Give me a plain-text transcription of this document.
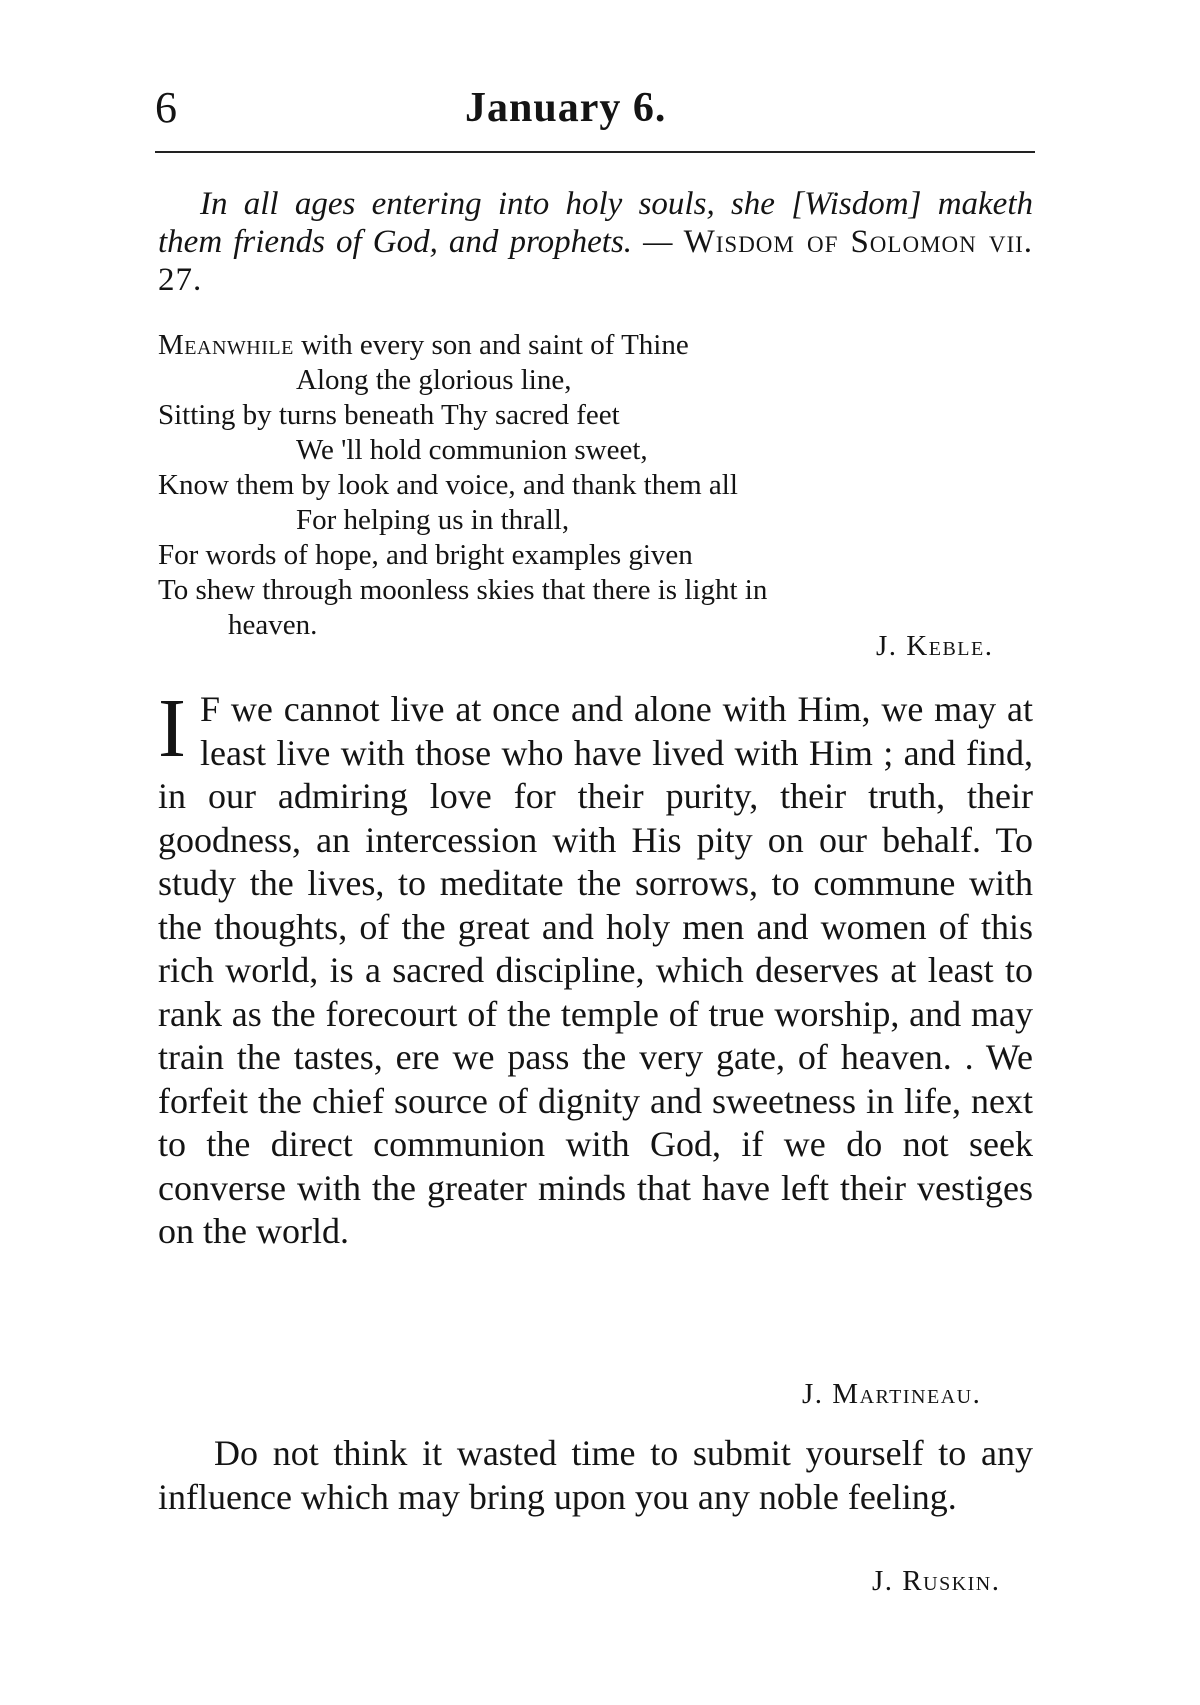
6	January 6.

In all ages entering into holy souls, she [Wisdom] maketh them friends of God, and prophets. — Wisdom of Solomon vii. 27.

Meanwhile with every son and saint of Thine
Along the glorious line,
Sitting by turns beneath Thy sacred feet
We 'll hold communion sweet,
Know them by look and voice, and thank them all
For helping us in thrall,
For words of hope, and bright examples given
To shew through moonless skies that there is light in
heaven.
J. Keble.

I F we cannot live at once and alone with Him, we may at least live with those who have lived with Him ; and find, in our admiring love for their purity, their truth, their goodness, an intercession with His pity on our behalf. To study the lives, to meditate the sorrows, to commune with the thoughts, of the great and holy men and women of this rich world, is a sacred discipline, which deserves at least to rank as the forecourt of the temple of true worship, and may train the tastes, ere we pass the very gate, of heaven. . We forfeit the chief source of dignity and sweetness in life, next to the direct communion with God, if we do not seek converse with the greater minds that have left their vestiges on the world.

J. Martineau.

Do not think it wasted time to submit yourself to any influence which may bring upon you any noble feeling.

J. Ruskin.
